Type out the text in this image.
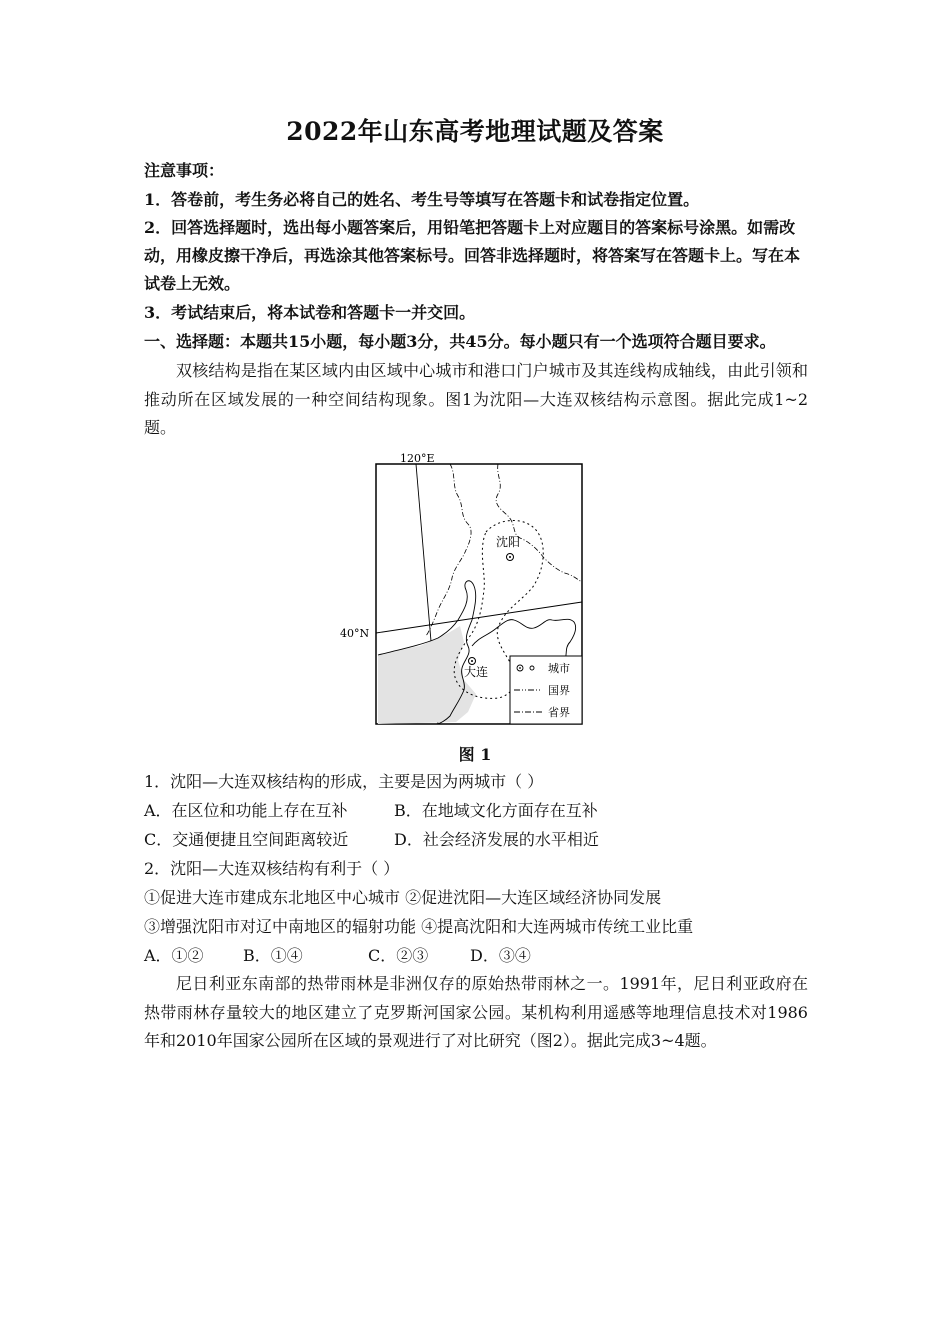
2022年山东高考地理试题及答案
注意事项：
1．答卷前，考生务必将自己的姓名、考生号等填写在答题卡和试卷指定位置。
2．回答选择题时，选出每小题答案后，用铅笔把答题卡上对应题目的答案标号涂黑。如需改
动，用橡皮擦干净后，再选涂其他答案标号。回答非选择题时，将答案写在答题卡上。写在本
试卷上无效。
3．考试结束后，将本试卷和答题卡一并交回。
一、选择题：本题共15小题，每小题3分，共45分。每小题只有一个选项符合题目要求。
双核结构是指在某区域内由区域中心城市和港口门户城市及其连线构成轴线，由此引领和推动所在区域发展的一种空间结构现象。图1为沈阳—大连双核结构示意图。据此完成1~2题。
沈阳
大连
120°E
40°N
城市
国界
省界
图 1
1．沈阳—大连双核结构的形成，主要是因为两城市（ ）
A．在区位和功能上存在互补	B．在地域文化方面存在互补
C．交通便捷且空间距离较近	D．社会经济发展的水平相近
2．沈阳—大连双核结构有利于（ ）
①促进大连市建成东北地区中心城市 ②促进沈阳—大连区域经济协同发展
③增强沈阳市对辽中南地区的辐射功能 ④提高沈阳和大连两城市传统工业比重
A．①② B．①④	C．②③	D．③④
尼日利亚东南部的热带雨林是非洲仅存的原始热带雨林之一。1991年，尼日利亚政府在热带雨林存量较大的地区建立了克罗斯河国家公园。某机构利用遥感等地理信息技术对1986年和2010年国家公园所在区域的景观进行了对比研究（图2）。据此完成3~4题。
